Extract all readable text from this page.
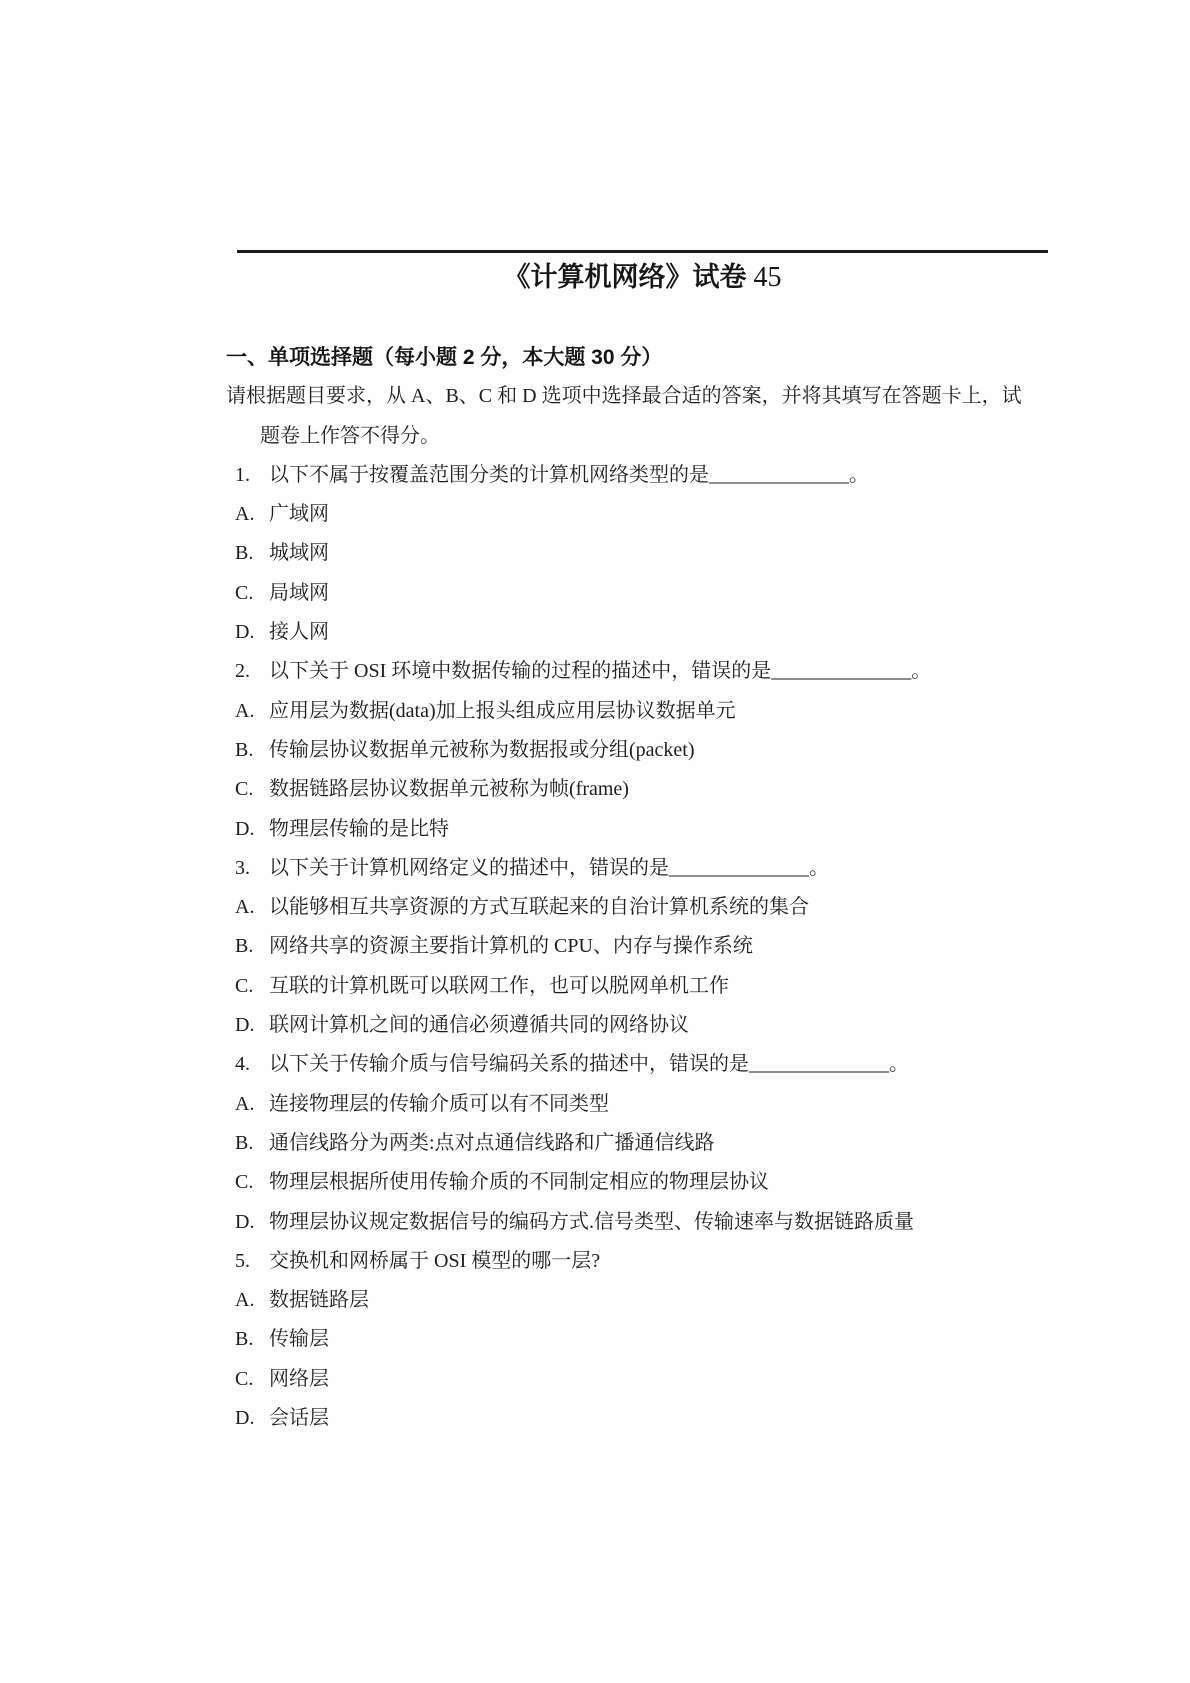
《计算机网络》试卷 45
一、单项选择题（每小题 2 分，本大题 30 分）
请根据题目要求，从 A、B、C 和 D 选项中选择最合适的答案，并将其填写在答题卡上，试
题卷上作答不得分。
1. 以下不属于按覆盖范围分类的计算机网络类型的是______________。
A. 广域网
B. 城域网
C. 局域网
D. 接人网
2. 以下关于 OSI 环境中数据传输的过程的描述中，错误的是______________。
A. 应用层为数据(data)加上报头组成应用层协议数据单元
B. 传输层协议数据单元被称为数据报或分组(packet)
C. 数据链路层协议数据单元被称为帧(frame)
D. 物理层传输的是比特
3. 以下关于计算机网络定义的描述中，错误的是______________。
A. 以能够相互共享资源的方式互联起来的自治计算机系统的集合
B. 网络共享的资源主要指计算机的 CPU、内存与操作系统
C. 互联的计算机既可以联网工作，也可以脱网单机工作
D. 联网计算机之间的通信必须遵循共同的网络协议
4. 以下关于传输介质与信号编码关系的描述中，错误的是______________。
A. 连接物理层的传输介质可以有不同类型
B. 通信线路分为两类:点对点通信线路和广播通信线路
C. 物理层根据所使用传输介质的不同制定相应的物理层协议
D. 物理层协议规定数据信号的编码方式.信号类型、传输速率与数据链路质量
5. 交换机和网桥属于 OSI 模型的哪一层?
A. 数据链路层
B. 传输层
C. 网络层
D. 会话层
